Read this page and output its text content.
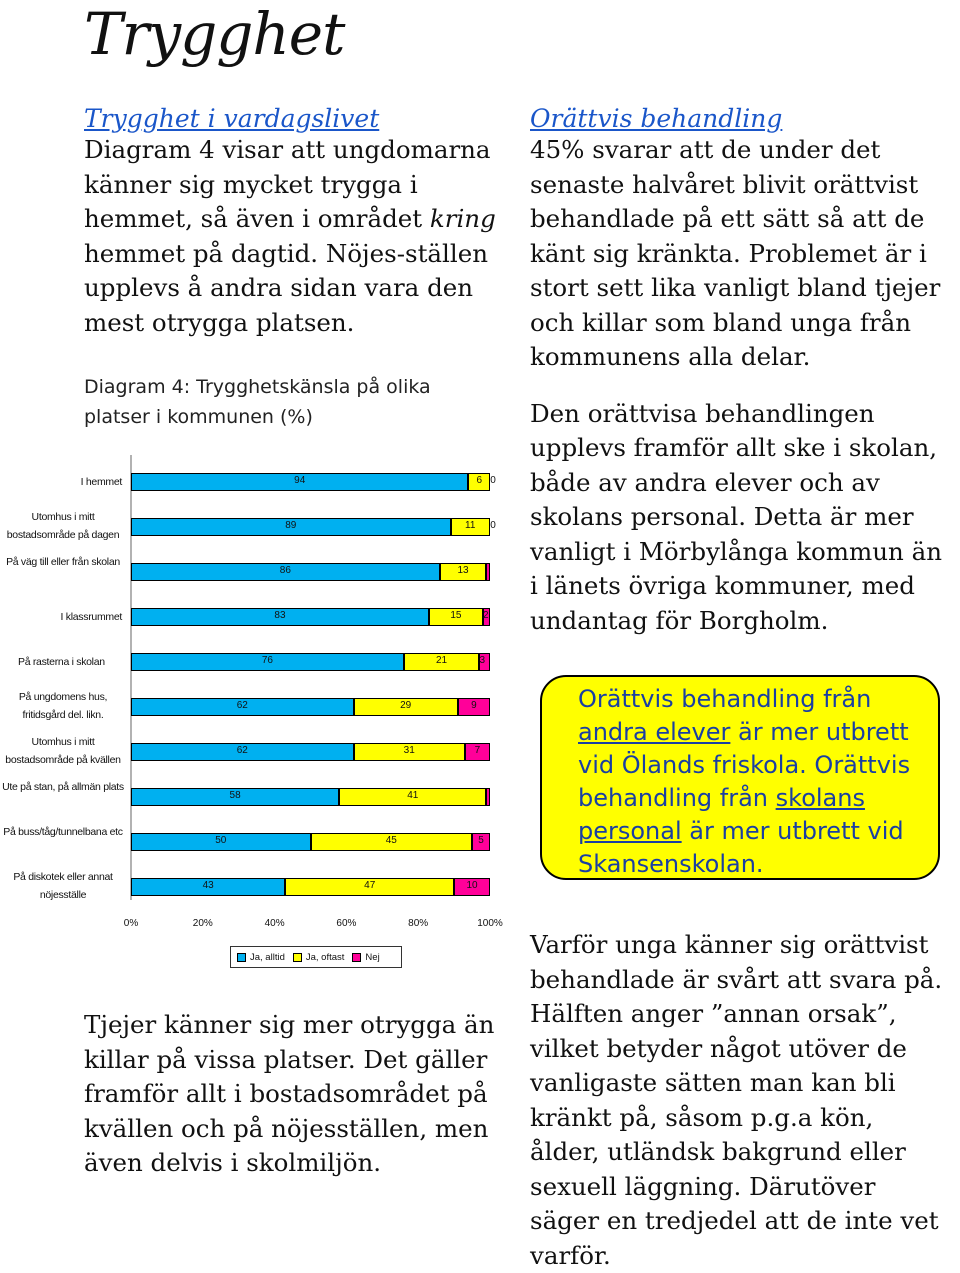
Trygghet
Trygghet i vardagslivet

Diagram 4 visar att ungdomarna känner sig mycket trygga i hemmet, så även i området kring hemmet på dagtid. Nöjes-ställen upplevs å andra sidan vara den mest otrygga platsen.

Diagram 4: Trygghetskänsla på olika platser i kommunen (%)
94	6 0
I hemmet
89	11 0
Utomhus i mitt bostadsområde på dagen
86	13
På väg till eller från skolan
83	15 2
I klassrummet
76	21	3
På rasterna i skolan
62	29	9
På ungdomens hus, fritidsgård del. likn.
62	31	7
Utomhus i mitt bostadsområde på kvällen
58	41
Ute på stan, på allmän plats
50	45	5
På buss/tåg/tunnelbana etc
43	47	10
På diskotek eller annat nöjesställe
0%	20%	40%	60%	80%	100%
Ja, alltid Ja, oftast Nej

Tjejer känner sig mer otrygga än killar på vissa platser. Det gäller framför allt i bostadsområdet på kvällen och på nöjesställen, men även delvis i skolmiljön.

Orättvis behandling

45% svarar att de under det senaste halvåret blivit orättvist behandlade på ett sätt så att de känt sig kränkta. Problemet är i stort sett lika vanligt bland tjejer och killar som bland unga från kommunens alla delar.

Den orättvisa behandlingen upplevs framför allt ske i skolan, både av andra elever och av skolans personal. Detta är mer vanligt i Mörbylånga kommun än i länets övriga kommuner, med undantag för Borgholm.

Orättvis behandling från andra elever är mer utbrett vid Ölands friskola. Orättvis behandling från skolans personal är mer utbrett vid Skansenskolan.

Varför unga känner sig orättvist behandlade är svårt att svara på. Hälften anger ”annan orsak”, vilket betyder något utöver de vanligaste sätten man kan bli kränkt på, såsom p.g.a kön, ålder, utländsk bakgrund eller sexuell läggning. Därutöver säger en tredjedel att de inte vet varför.
